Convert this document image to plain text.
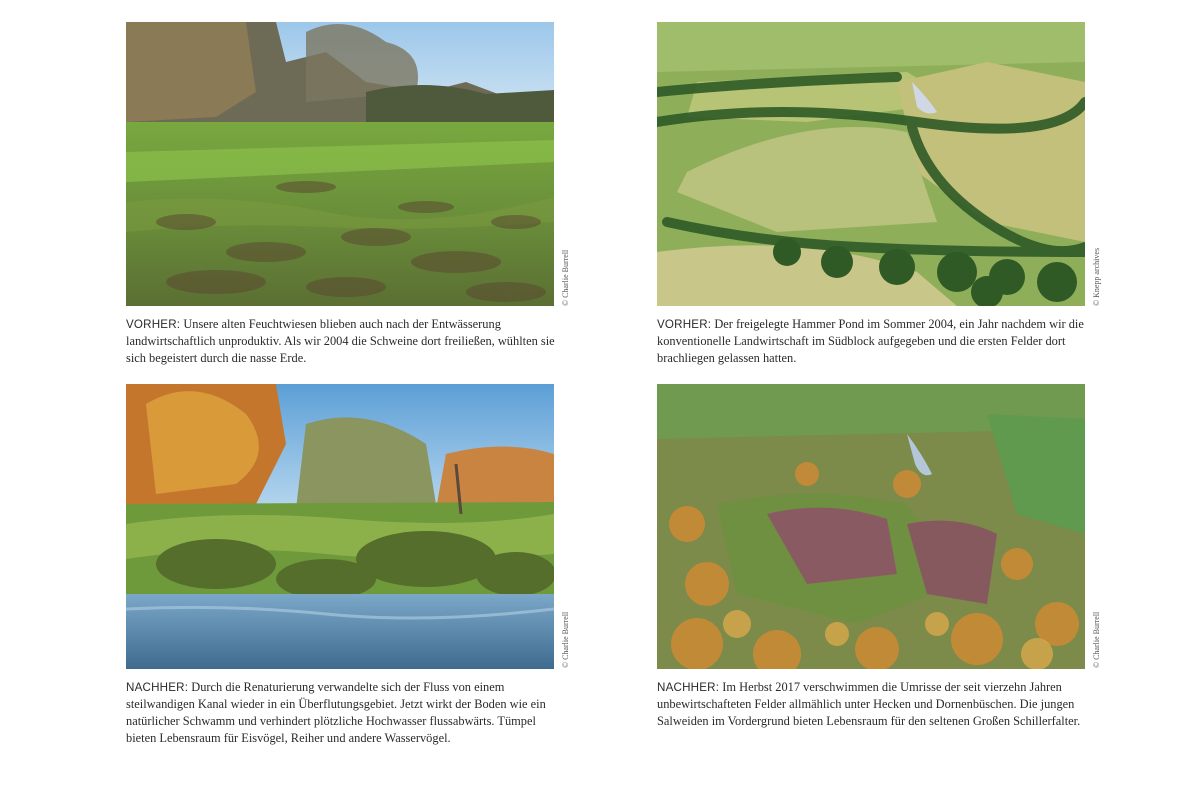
© Charlie Burrell

VORHER: Unsere alten Feuchtwiesen blieben auch nach der Entwässerung landwirtschaftlich unproduktiv. Als wir 2004 die Schweine dort freiließen, wühlten sie sich begeistert durch die nasse Erde.

© Knepp archives

VORHER: Der freigelegte Hammer Pond im Sommer 2004, ein Jahr nachdem wir die konventionelle Landwirtschaft im Südblock aufgegeben und die ersten Felder dort brachliegen gelassen hatten.

© Charlie Burrell

NACHHER: Durch die Renaturierung verwandelte sich der Fluss von einem steilwandigen Kanal wieder in ein Überflutungsgebiet. Jetzt wirkt der Boden wie ein natürlicher Schwamm und verhindert plötzliche Hochwasser flussabwärts. Tümpel bieten Lebensraum für Eisvögel, Reiher und andere Wasservögel.

© Charlie Burrell

NACHHER: Im Herbst 2017 verschwimmen die Umrisse der seit vierzehn Jahren unbewirtschafteten Felder allmählich unter Hecken und Dornenbüschen. Die jungen Salweiden im Vordergrund bieten Lebensraum für den seltenen Großen Schillerfalter.
